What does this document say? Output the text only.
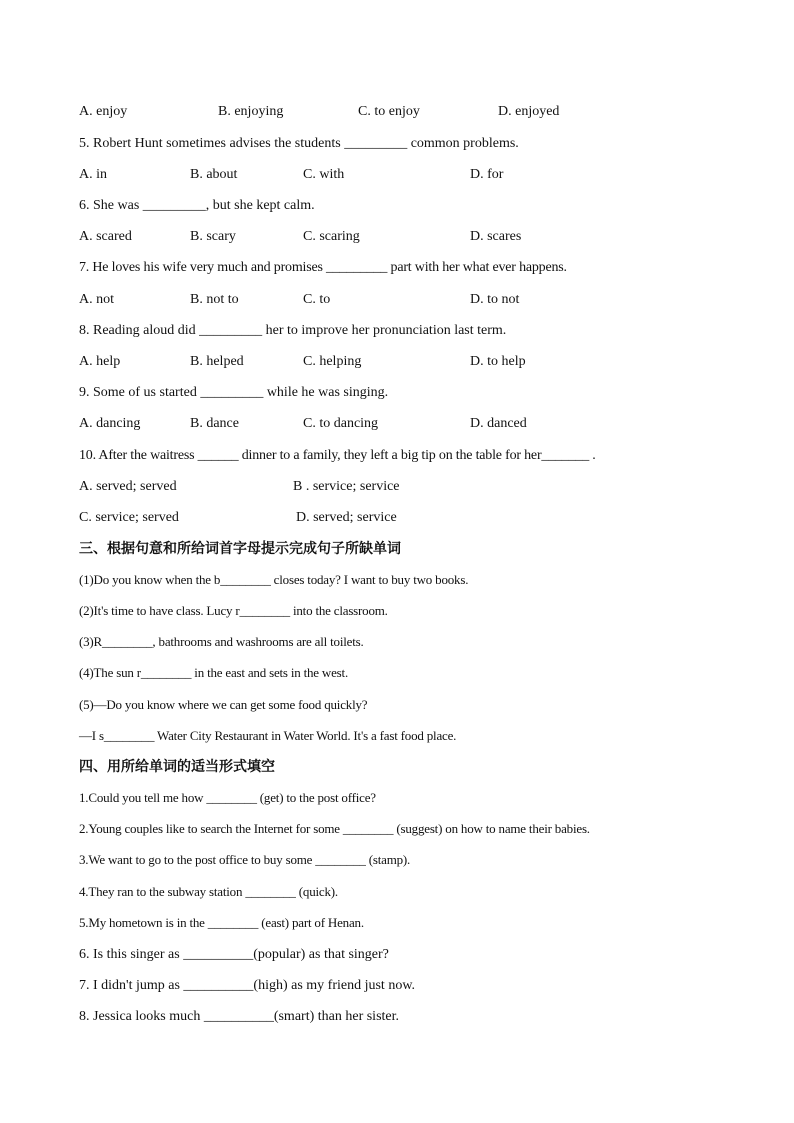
A. enjoy	B. enjoying	C. to enjoy	D. enjoyed
5. Robert Hunt sometimes advises the students _________ common problems.
A. in	B. about	C. with	D. for
6. She was _________, but she kept calm.
A. scared	B. scary	C. scaring	D. scares
7. He loves his wife very much and promises _________ part with her what ever happens.
A. not	B. not to	C. to	D. to not
8. Reading aloud did _________ her to improve her pronunciation last term.
A. help	B. helped	C. helping	D. to help
9. Some of us started _________ while he was singing.
A. dancing	B. dance	C. to dancing	D. danced
10. After the waitress ______ dinner to a family, they left a big tip on the table for her_______ .
A. served; served	B . service; service
C. service; served	D. served; service
三、根据句意和所给词首字母提示完成句子所缺单词
(1)Do you know when the b________ closes today? I want to buy two books.
(2)It's time to have class. Lucy r________ into the classroom.
(3)R________, bathrooms and washrooms are all toilets.
(4)The sun r________ in the east and sets in the west.
(5)—Do you know where we can get some food quickly?
—I s________ Water City Restaurant in Water World. It's a fast food place.
四、用所给单词的适当形式填空
1.Could you tell me how ________ (get) to the post office?
2.Young couples like to search the Internet for some ________ (suggest) on how to name their babies.
3.We want to go to the post office to buy some ________ (stamp).
4.They ran to the subway station ________ (quick).
5.My hometown is in the ________ (east) part of Henan.
6. Is this singer as __________(popular) as that singer?
7. I didn't jump as __________(high) as my friend just now.
8. Jessica looks much __________(smart) than her sister.
